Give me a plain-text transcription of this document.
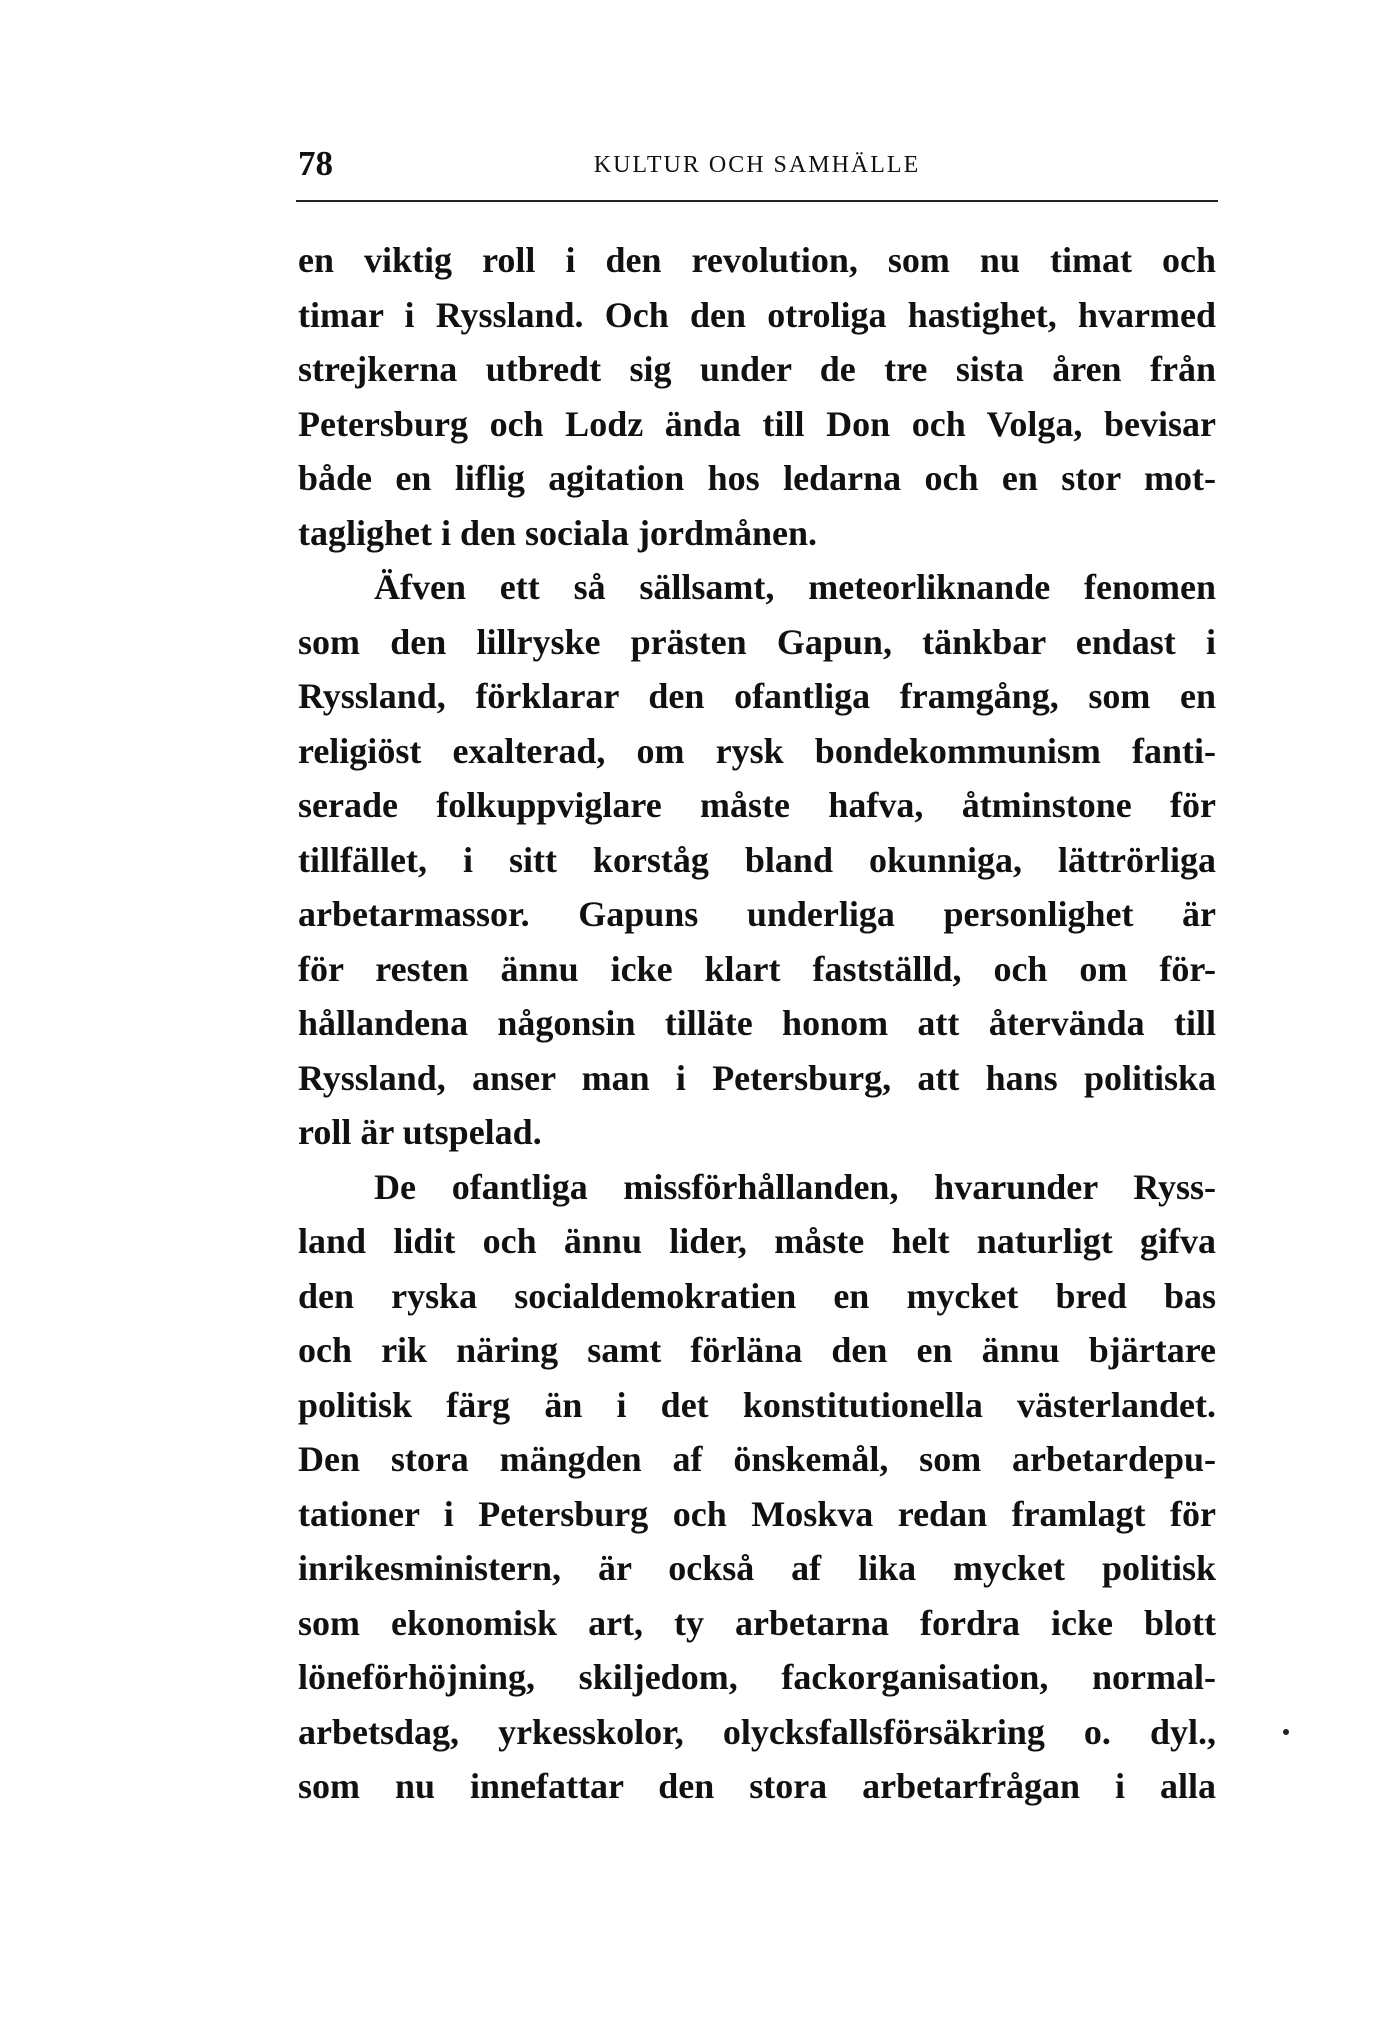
78	KULTUR OCH SAMHÄLLE
en viktig roll i den revolution, som nu timat och
timar i Ryssland. Och den otroliga hastighet, hvarmed
strejkerna utbredt sig under de tre sista åren från
Petersburg och Lodz ända till Don och Volga, bevisar
både en liflig agitation hos ledarna och en stor mot-
taglighet i den sociala jordmånen.
Äfven ett så sällsamt, meteorliknande fenomen
som den lillryske prästen Gapun, tänkbar endast i
Ryssland, förklarar den ofantliga framgång, som en
religiöst exalterad, om rysk bondekommunism fanti-
serade folkuppviglare måste hafva, åtminstone för
tillfället, i sitt korståg bland okunniga, lättrörliga
arbetarmassor. Gapuns underliga personlighet är
för resten ännu icke klart fastställd, och om för-
hållandena någonsin tilläte honom att återvända till
Ryssland, anser man i Petersburg, att hans politiska
roll är utspelad.
De ofantliga missförhållanden, hvarunder Ryss-
land lidit och ännu lider, måste helt naturligt gifva
den ryska socialdemokratien en mycket bred bas
och rik näring samt förläna den en ännu bjärtare
politisk färg än i det konstitutionella västerlandet.
Den stora mängden af önskemål, som arbetardepu-
tationer i Petersburg och Moskva redan framlagt för
inrikesministern, är också af lika mycket politisk
som ekonomisk art, ty arbetarna fordra icke blott
löneförhöjning, skiljedom, fackorganisation, normal-
arbetsdag, yrkesskolor, olycksfallsförsäkring o. dyl.,
som nu innefattar den stora arbetarfrågan i alla
